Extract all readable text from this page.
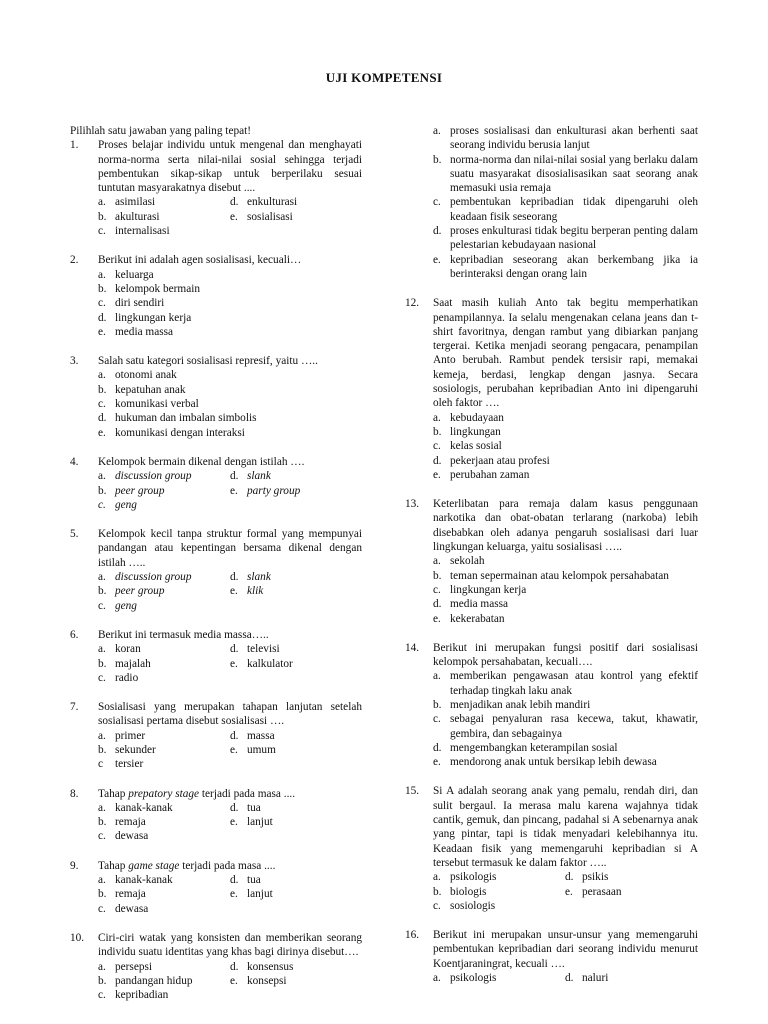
UJI KOMPETENSI

Pilihlah satu jawaban yang paling tepat!

1. Proses belajar individu untuk mengenal dan menghayati norma-norma serta nilai-nilai sosial sehingga terjadi pembentukan sikap-sikap untuk berperilaku sesuai tuntutan masyarakatnya disebut ....
a. asimilasi	d. enkulturasi
b. akulturasi	e. sosialisasi
c. internalisasi
2. Berikut ini adalah agen sosialisasi, kecuali…
a. keluarga
b. kelompok bermain
c. diri sendiri
d. lingkungan kerja
e. media massa
3. Salah satu kategori sosialisasi represif, yaitu …..
a. otonomi anak
b. kepatuhan anak
c. komunikasi verbal
d. hukuman dan imbalan simbolis
e. komunikasi dengan interaksi
4. Kelompok bermain dikenal dengan istilah ….
a. discussion group	d. slank
b. peer group	e. party group
c. geng
5. Kelompok kecil tanpa struktur formal yang mempunyai pandangan atau kepentingan bersama dikenal dengan istilah …..
a. discussion group	d. slank
b. peer group	e. klik
c. geng
6. Berikut ini termasuk media massa…..
a. koran	d. televisi
b. majalah	e. kalkulator
c. radio
7. Sosialisasi yang merupakan tahapan lanjutan setelah sosialisasi pertama disebut sosialisasi ….
a. primer	d. massa
b. sekunder	e. umum
c tersier
8. Tahap prepatory stage terjadi pada masa ....
a. kanak-kanak	d. tua
b. remaja	e. lanjut
c. dewasa
9. Tahap game stage terjadi pada masa ....
a. kanak-kanak	d. tua
b. remaja	e. lanjut
c. dewasa
10. Ciri-ciri watak yang konsisten dan memberikan seorang individu suatu identitas yang khas bagi dirinya disebut….
a. persepsi	d. konsensus
b. pandangan hidup	e. konsepsi
c. kepribadian
a. proses sosialisasi dan enkulturasi akan berhenti saat seorang individu berusia lanjut
b. norma-norma dan nilai-nilai sosial yang berlaku dalam suatu masyarakat disosialisasikan saat seorang anak memasuki usia remaja
c. pembentukan kepribadian tidak dipengaruhi oleh keadaan fisik seseorang
d. proses enkulturasi tidak begitu berperan penting dalam pelestarian kebudayaan nasional
e. kepribadian seseorang akan berkembang jika ia berinteraksi dengan orang lain
12. Saat masih kuliah Anto tak begitu memperhatikan penampilannya. Ia selalu mengenakan celana jeans dan t-shirt favoritnya, dengan rambut yang dibiarkan panjang tergerai. Ketika menjadi seorang pengacara, penampilan Anto berubah. Rambut pendek tersisir rapi, memakai kemeja, berdasi, lengkap dengan jasnya. Secara sosiologis, perubahan kepribadian Anto ini dipengaruhi oleh faktor ….
a. kebudayaan
b. lingkungan
c. kelas sosial
d. pekerjaan atau profesi
e. perubahan zaman
13. Keterlibatan para remaja dalam kasus penggunaan narkotika dan obat-obatan terlarang (narkoba) lebih disebabkan oleh adanya pengaruh sosialisasi dari luar lingkungan keluarga, yaitu sosialisasi …..
a. sekolah
b. teman sepermainan atau kelompok persahabatan
c. lingkungan kerja
d. media massa
e. kekerabatan
14. Berikut ini merupakan fungsi positif dari sosialisasi kelompok persahabatan, kecuali….
a. memberikan pengawasan atau kontrol yang efektif terhadap tingkah laku anak
b. menjadikan anak lebih mandiri
c. sebagai penyaluran rasa kecewa, takut, khawatir, gembira, dan sebagainya
d. mengembangkan keterampilan sosial
e. mendorong anak untuk bersikap lebih dewasa
15. Si A adalah seorang anak yang pemalu, rendah diri, dan sulit bergaul. Ia merasa malu karena wajahnya tidak cantik, gemuk, dan pincang, padahal si A sebenarnya anak yang pintar, tapi is tidak menyadari kelebihannya itu. Keadaan fisik yang memengaruhi kepribadian si A tersebut termasuk ke dalam faktor …..
a. psikologis	d. psikis
b. biologis	e. perasaan
c. sosiologis
16. Berikut ini merupakan unsur-unsur yang memengaruhi pembentukan kepribadian dari seorang individu menurut Koentjaraningrat, kecuali ….
a. psikologis	d. naluri
